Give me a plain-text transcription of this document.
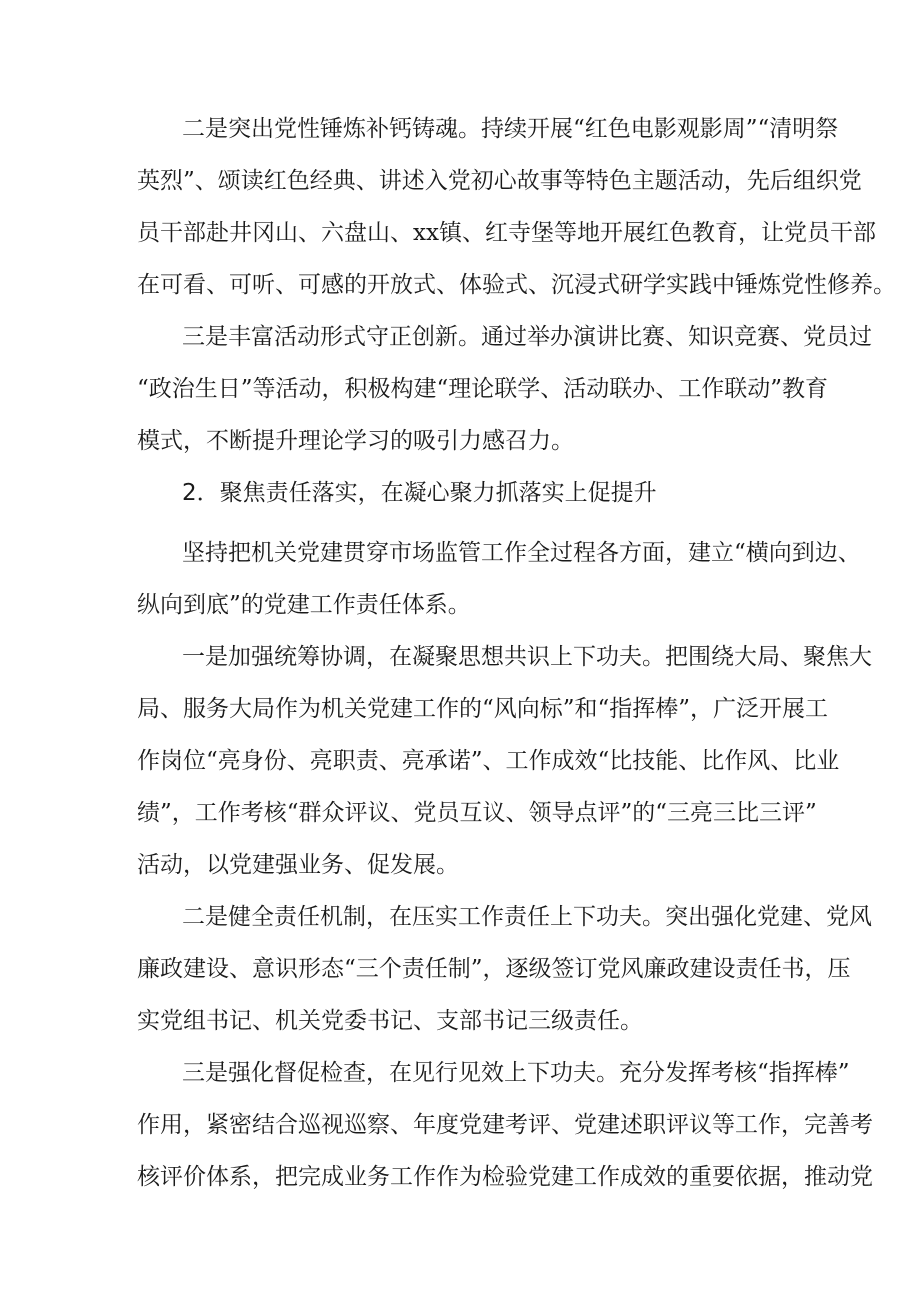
二是突出党性锤炼补钙铸魂。持续开展“红色电影观影周”“清明祭
英烈”、颂读红色经典、讲述入党初心故事等特色主题活动，先后组织党
员干部赴井冈山、六盘山、xx镇、红寺堡等地开展红色教育，让党员干部
在可看、可听、可感的开放式、体验式、沉浸式研学实践中锤炼党性修养。
三是丰富活动形式守正创新。通过举办演讲比赛、知识竞赛、党员过
“政治生日”等活动，积极构建“理论联学、活动联办、工作联动”教育
模式，不断提升理论学习的吸引力感召力。
2．聚焦责任落实，在凝心聚力抓落实上促提升
坚持把机关党建贯穿市场监管工作全过程各方面，建立“横向到边、
纵向到底”的党建工作责任体系。
一是加强统筹协调，在凝聚思想共识上下功夫。把围绕大局、聚焦大
局、服务大局作为机关党建工作的“风向标”和“指挥棒”，广泛开展工
作岗位“亮身份、亮职责、亮承诺”、工作成效“比技能、比作风、比业
绩”，工作考核“群众评议、党员互议、领导点评”的“三亮三比三评”
活动，以党建强业务、促发展。
二是健全责任机制，在压实工作责任上下功夫。突出强化党建、党风
廉政建设、意识形态“三个责任制”，逐级签订党风廉政建设责任书，压
实党组书记、机关党委书记、支部书记三级责任。
三是强化督促检查，在见行见效上下功夫。充分发挥考核“指挥棒”
作用，紧密结合巡视巡察、年度党建考评、党建述职评议等工作，完善考
核评价体系，把完成业务工作作为检验党建工作成效的重要依据，推动党
